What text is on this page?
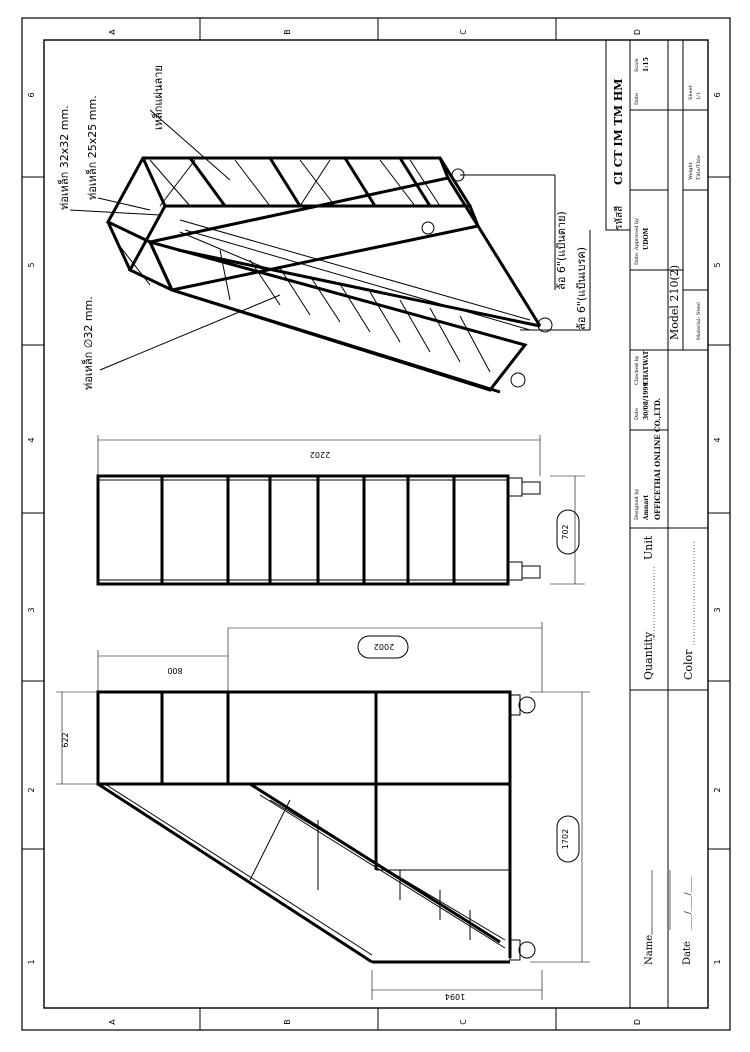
A	B	C	D
A	B	C	D
1
2
3
4
5
6
1
2
3
4
5
6
ท่อเหล็ก 32x32 mm. ท่อเหล็ก 25x25 mm.	เหล็กแผ่นลาย
ท่อเหล็ก ∅32 mm.
ล้อ 6"(แป้นตาย) ล้อ 6"(แป้นเบรค)
2202
702
800
2002
622
1702
1094
Name	Date
____/____/____
Quantity
Unit
Color
Designed by Amnart
Date 30/08/1999
Checked by CHATWAT
Date
Approved by UDOM
Date
Scale 1:15
OFFICETHAI ONLINE CO.,LTD.
Model 210(2)	Material: Steel
Weight Title/Title
Sheet 1/1
รหัสสี
CI CT IM TM HM
